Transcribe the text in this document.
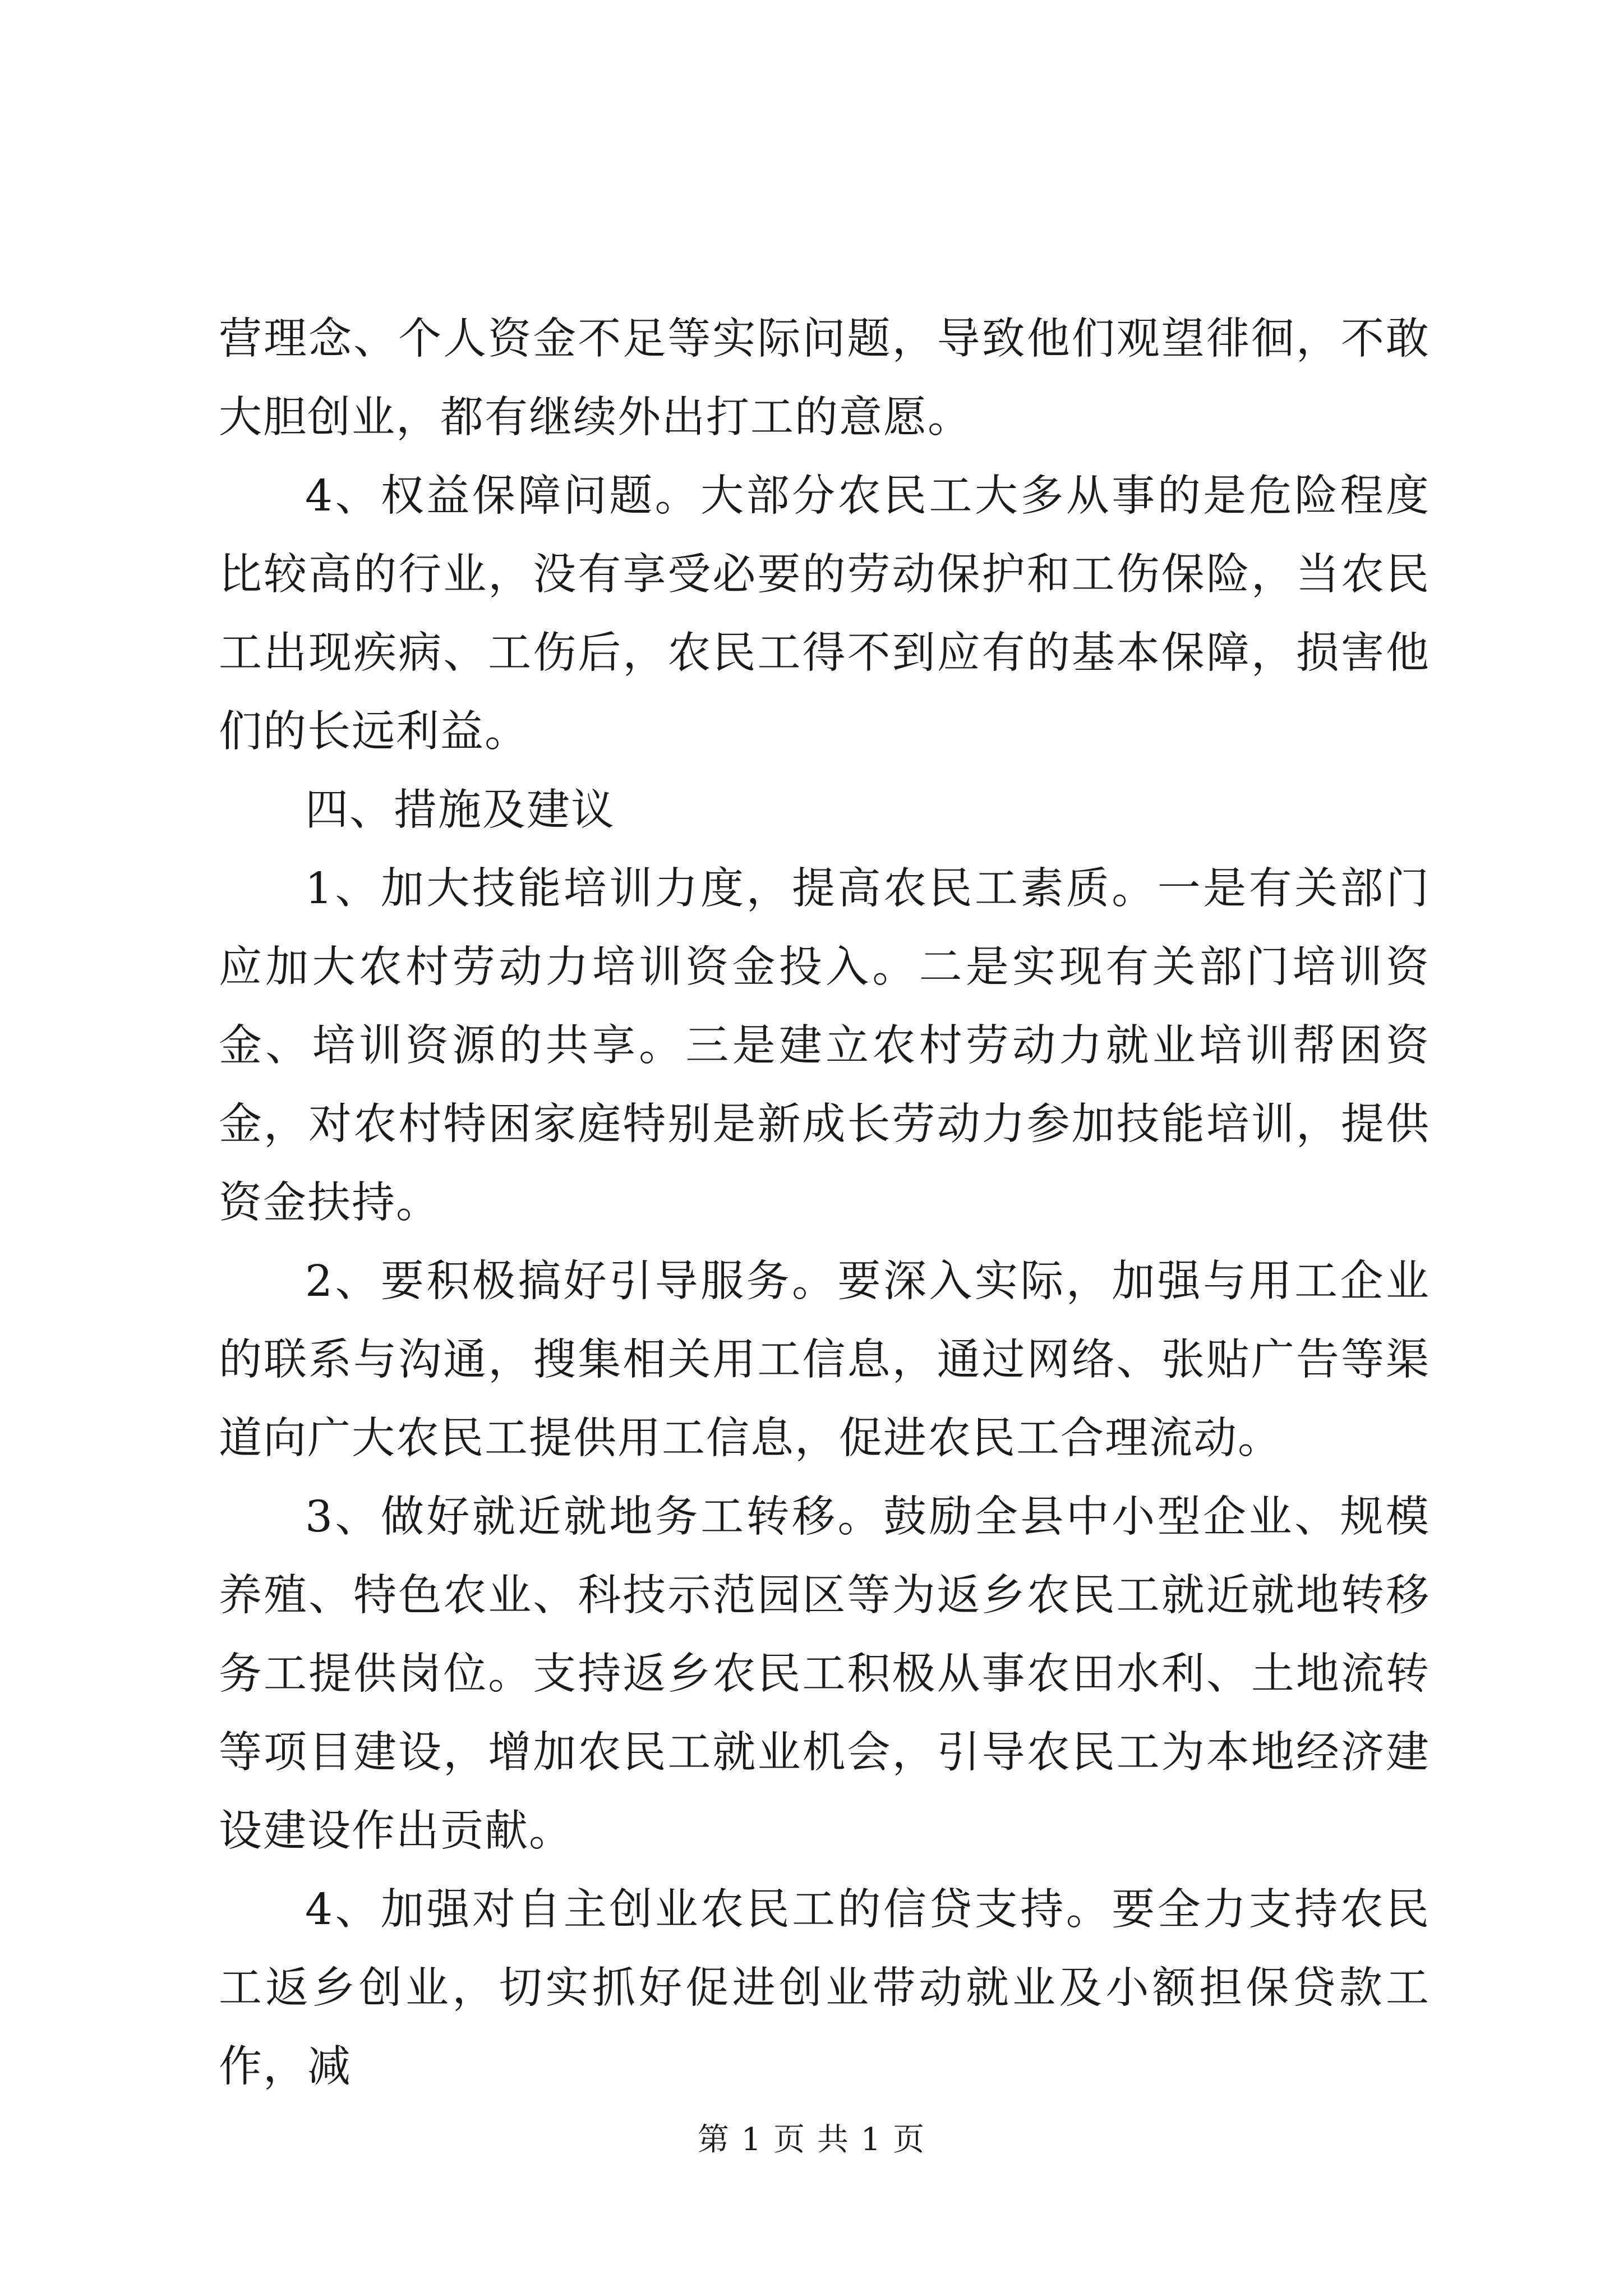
营理念、个人资金不足等实际问题，导致他们观望徘徊，不敢大胆创业，都有继续外出打工的意愿。

4、权益保障问题。大部分农民工大多从事的是危险程度比较高的行业，没有享受必要的劳动保护和工伤保险，当农民工出现疾病、工伤后，农民工得不到应有的基本保障，损害他们的长远利益。

四、措施及建议

1、加大技能培训力度，提高农民工素质。一是有关部门应加大农村劳动力培训资金投入。二是实现有关部门培训资金、培训资源的共享。三是建立农村劳动力就业培训帮困资金，对农村特困家庭特别是新成长劳动力参加技能培训，提供资金扶持。

2、要积极搞好引导服务。要深入实际，加强与用工企业的联系与沟通，搜集相关用工信息，通过网络、张贴广告等渠道向广大农民工提供用工信息，促进农民工合理流动。

3、做好就近就地务工转移。鼓励全县中小型企业、规模养殖、特色农业、科技示范园区等为返乡农民工就近就地转移务工提供岗位。支持返乡农民工积极从事农田水利、土地流转等项目建设，增加农民工就业机会，引导农民工为本地经济建设建设作出贡献。

4、加强对自主创业农民工的信贷支持。要全力支持农民工返乡创业，切实抓好促进创业带动就业及小额担保贷款工作，减

第 1 页 共 1 页
